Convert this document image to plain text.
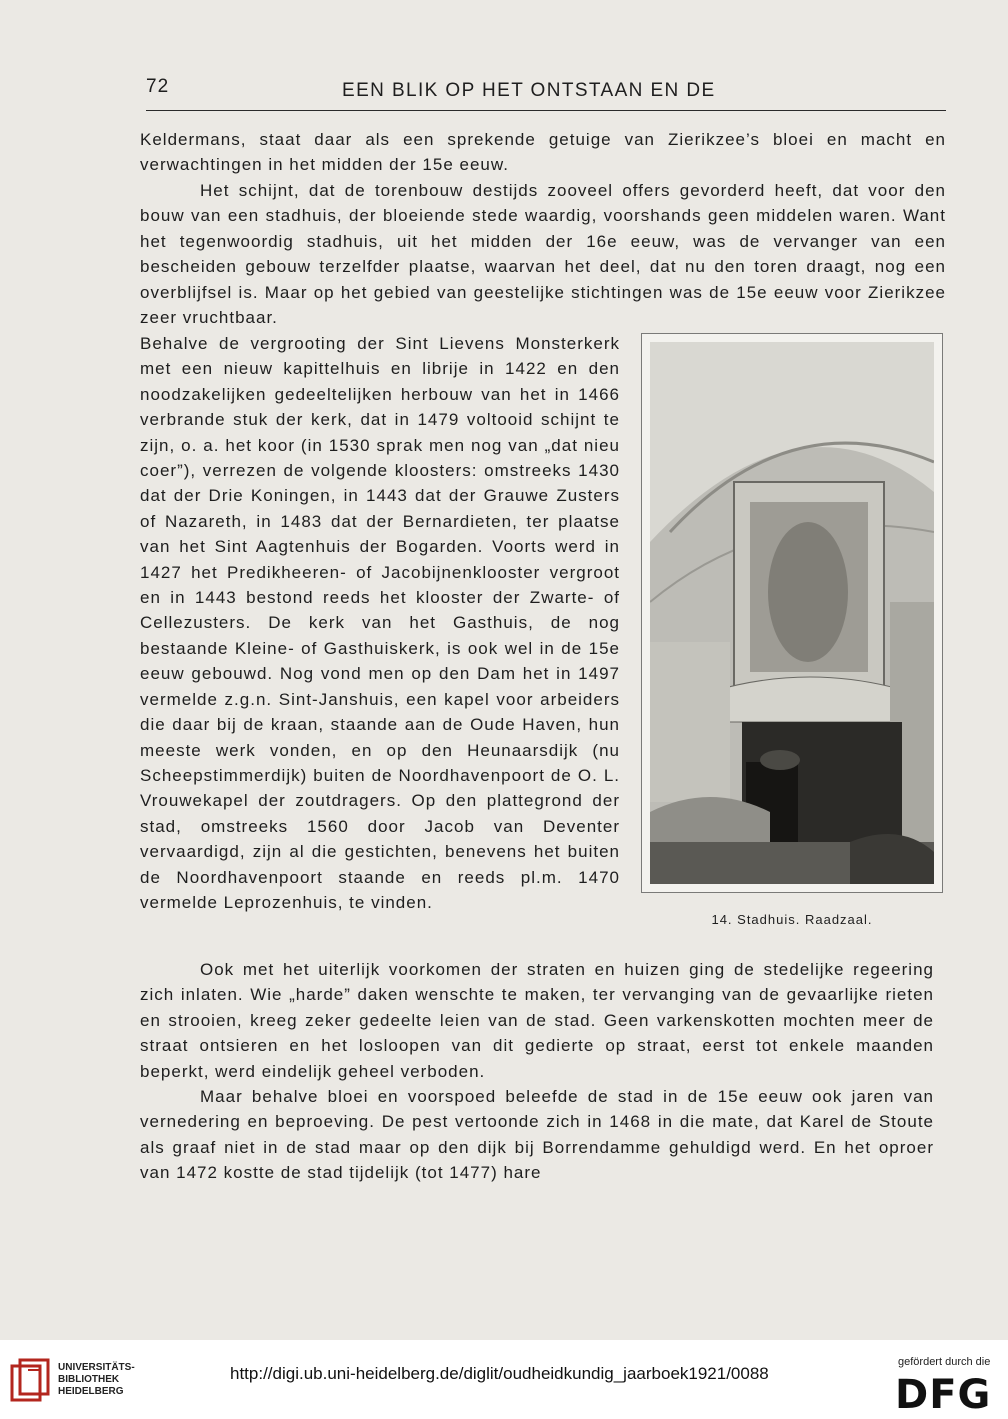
72	EEN BLIK OP HET ONTSTAAN EN DE

Keldermans, staat daar als een sprekende getuige van Zierikzee’s bloei en macht en verwachtingen in het midden der 15e eeuw.

Het schijnt, dat de torenbouw destijds zooveel offers gevorderd heeft, dat voor den bouw van een stadhuis, der bloeiende stede waardig, voorshands geen middelen waren. Want het tegenwoordig stadhuis, uit het midden der 16e eeuw, was de vervanger van een bescheiden gebouw terzelfder plaatse, waarvan het deel, dat nu den toren draagt, nog een overblijfsel is. Maar op het gebied van geestelijke stichtingen was de 15e eeuw voor Zierikzee zeer vruchtbaar.

Behalve de vergrooting der Sint Lievens Monsterkerk met een nieuw kapittelhuis en librije in 1422 en den noodzakelijken gedeeltelijken herbouw van het in 1466 verbrande stuk der kerk, dat in 1479 voltooid schijnt te zijn, o. a. het koor (in 1530 sprak men nog van „dat nieu coer”), verrezen de volgende kloosters: omstreeks 1430 dat der Drie Koningen, in 1443 dat der Grauwe Zusters of Nazareth, in 1483 dat der Bernardieten, ter plaatse van het Sint Aagtenhuis der Bogarden. Voorts werd in 1427 het Predikheeren- of Jacobijnenklooster vergroot en in 1443 bestond reeds het klooster der Zwarte- of Cellezusters. De kerk van het Gasthuis, de nog bestaande Kleine- of Gasthuiskerk, is ook wel in de 15e eeuw gebouwd. Nog vond men op den Dam het in 1497 vermelde z.g.n. Sint-Janshuis, een kapel voor arbeiders die daar bij de kraan, staande aan de Oude Haven, hun meeste werk vonden, en op den Heunaarsdijk (nu Scheepstimmerdijk) buiten de Noordhavenpoort de O. L. Vrouwekapel der zoutdragers. Op den plattegrond der stad, omstreeks 1560 door Jacob van Deventer vervaardigd, zijn al die gestichten, benevens het buiten de Noordhavenpoort staande en reeds pl.m. 1470 vermelde Leprozenhuis, te vinden.

14. Stadhuis. Raadzaal.

Ook met het uiterlijk voorkomen der straten en huizen ging de stedelijke regeering zich inlaten. Wie „harde” daken wenschte te maken, ter vervanging van de gevaarlijke rieten en strooien, kreeg zeker gedeelte leien van de stad. Geen varkenskotten mochten meer de straat ontsieren en het losloopen van dit gedierte op straat, eerst tot enkele maanden beperkt, werd eindelijk geheel verboden.

Maar behalve bloei en voorspoed beleefde de stad in de 15e eeuw ook jaren van vernedering en beproeving. De pest vertoonde zich in 1468 in die mate, dat Karel de Stoute als graaf niet in de stad maar op den dijk bij Borrendamme gehuldigd werd. En het oproer van 1472 kostte de stad tijdelijk (tot 1477) hare

UNIVERSITÄTS-
BIBLIOTHEK
HEIDELBERG
http://digi.ub.uni-heidelberg.de/diglit/oudheidkundig_jaarboek1921/0088
gefördert durch die
DFG
